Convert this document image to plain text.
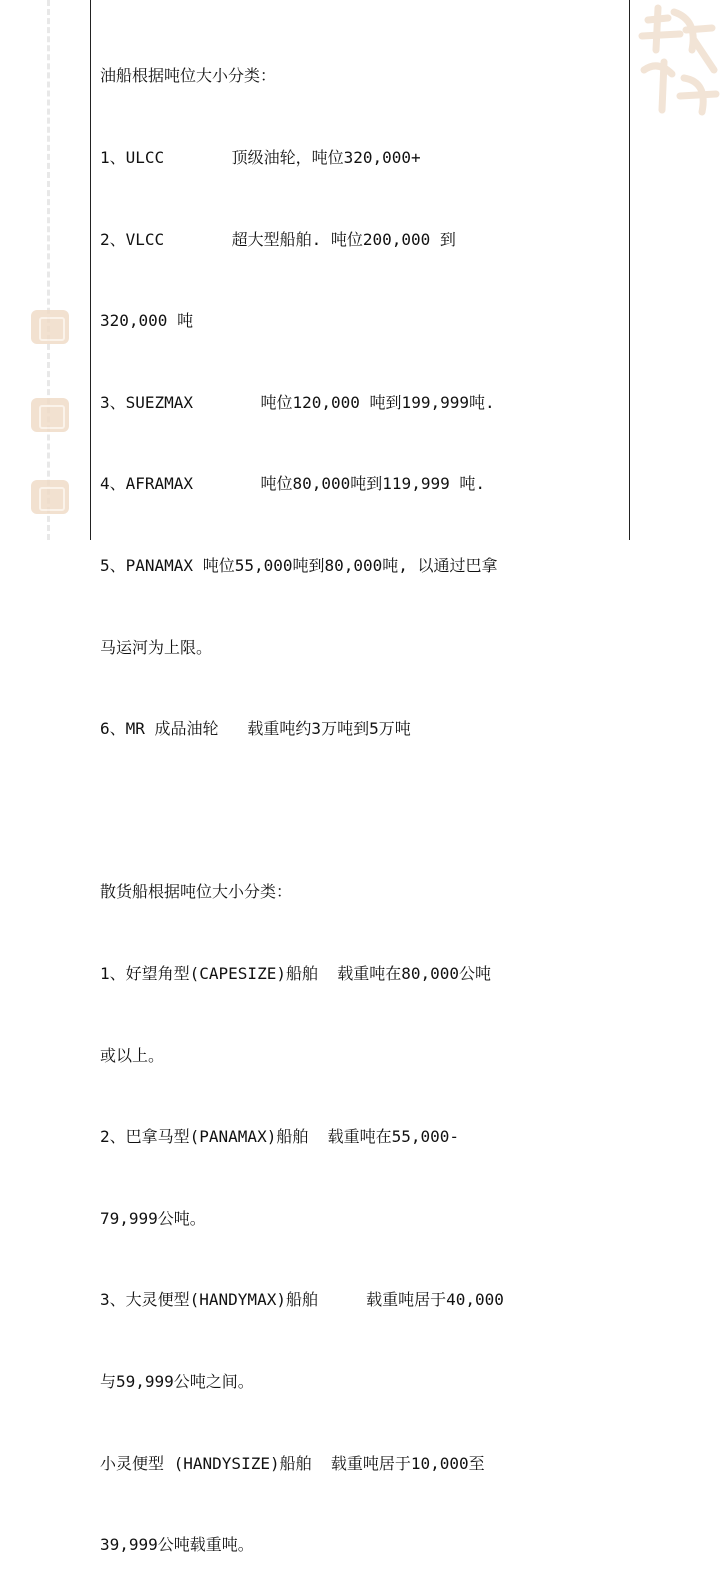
油船根据吨位大小分类：

1、ULCC       顶级油轮，吨位320,000+

2、VLCC       超大型船舶. 吨位200,000 到

320,000 吨

3、SUEZMAX       吨位120,000 吨到199,999吨.

4、AFRAMAX       吨位80,000吨到119,999 吨.

5、PANAMAX 吨位55,000吨到80,000吨, 以通过巴拿

马运河为上限。

6、MR 成品油轮   载重吨约3万吨到5万吨

散货船根据吨位大小分类：

1、好望角型(CAPESIZE)船舶  载重吨在80,000公吨

或以上。

2、巴拿马型(PANAMAX)船舶  载重吨在55,000-

79,999公吨。

3、大灵便型(HANDYMAX)船舶     载重吨居于40,000

与59,999公吨之间。

小灵便型 (HANDYSIZE)船舶  载重吨居于10,000至

39,999公吨载重吨。
